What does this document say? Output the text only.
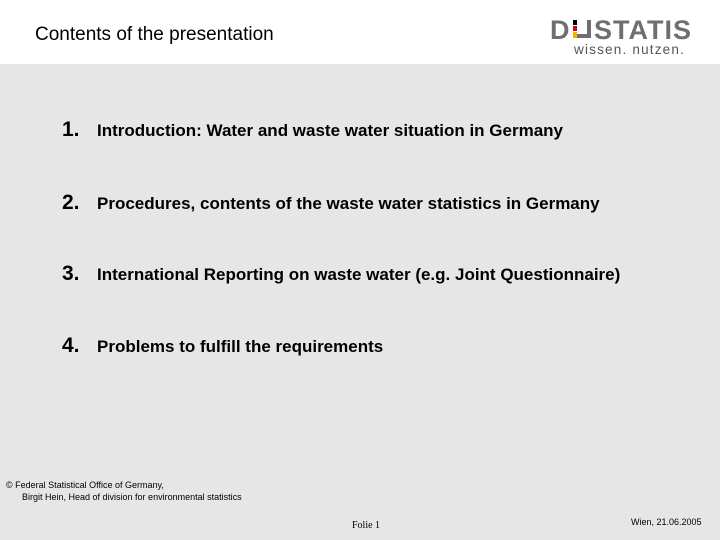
Contents of the presentation	D STATIS
wissen. nutzen.
1.	Introduction: Water and waste water situation in Germany
2.	Procedures, contents of the waste water statistics in Germany
3.	International Reporting on waste water (e.g. Joint Questionnaire)
4.	Problems to fulfill the requirements
© Federal Statistical Office of Germany,
Birgit Hein, Head of division for environmental statistics
Folie 1	Wien, 21.06.2005
